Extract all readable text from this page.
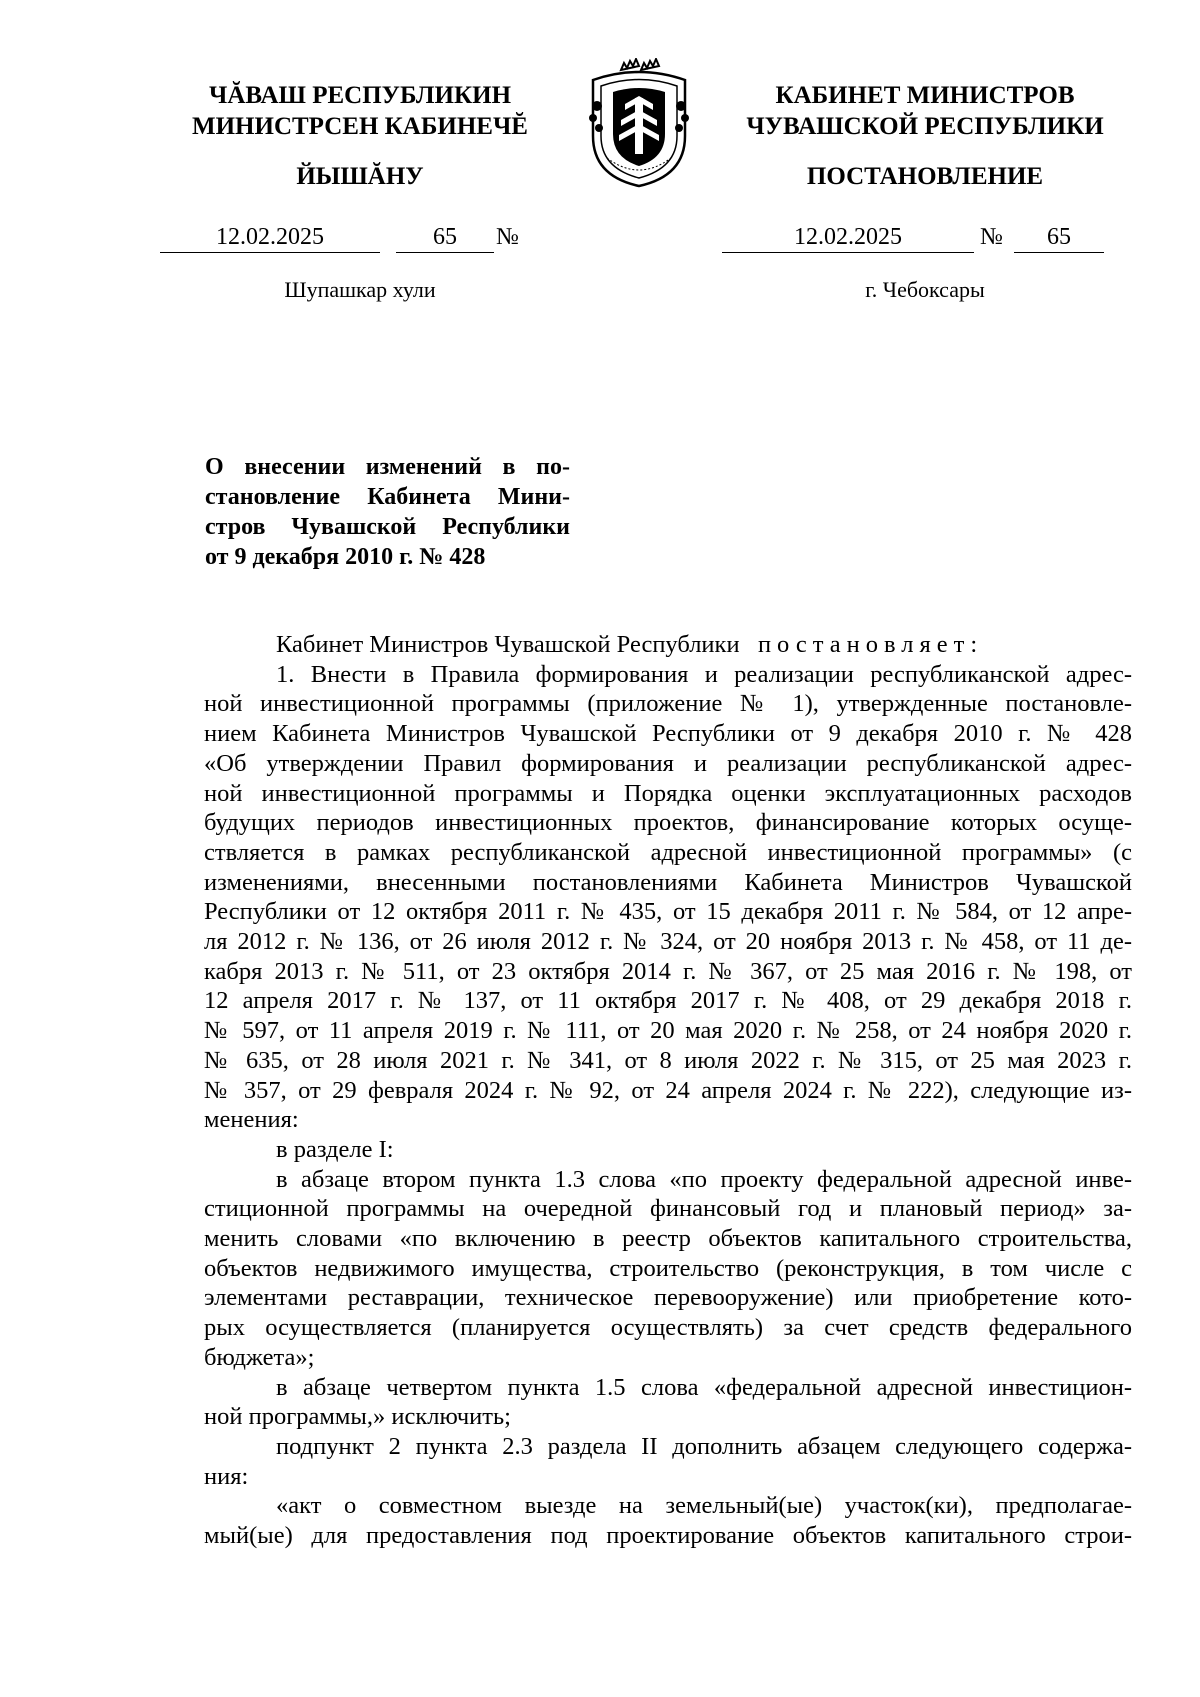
ЧĂВАШ РЕСПУБЛИКИН
МИНИСТРСЕН КАБИНЕЧĔ
ЙЫШĂНУ
КАБИНЕТ МИНИСТРОВ
ЧУВАШСКОЙ РЕСПУБЛИКИ
ПОСТАНОВЛЕНИЕ
12.02.2025	65	№	12.02.2025	№	65
Шупашкар хули	г. Чебоксары
О внесении изменений в по-
становление Кабинета Мини-
стров Чувашской Республики
от 9 декабря 2010 г. № 428
Кабинет Министров Чувашской Республики постановляет:
1. Внести в Правила формирования и реализации республиканской адрес-
ной инвестиционной программы (приложение № 1), утвержденные постановле-
нием Кабинета Министров Чувашской Республики от 9 декабря 2010 г. № 428
«Об утверждении Правил формирования и реализации республиканской адрес-
ной инвестиционной программы и Порядка оценки эксплуатационных расходов
будущих периодов инвестиционных проектов, финансирование которых осуще-
ствляется в рамках республиканской адресной инвестиционной программы» (с
изменениями, внесенными постановлениями Кабинета Министров Чувашской
Республики от 12 октября 2011 г. № 435, от 15 декабря 2011 г. № 584, от 12 апре-
ля 2012 г. № 136, от 26 июля 2012 г. № 324, от 20 ноября 2013 г. № 458, от 11 де-
кабря 2013 г. № 511, от 23 октября 2014 г. № 367, от 25 мая 2016 г. № 198, от
12 апреля 2017 г. № 137, от 11 октября 2017 г. № 408, от 29 декабря 2018 г.
№ 597, от 11 апреля 2019 г. № 111, от 20 мая 2020 г. № 258, от 24 ноября 2020 г.
№ 635, от 28 июля 2021 г. № 341, от 8 июля 2022 г. № 315, от 25 мая 2023 г.
№ 357, от 29 февраля 2024 г. № 92, от 24 апреля 2024 г. № 222), следующие из-
менения:
в разделе I:
в абзаце втором пункта 1.3 слова «по проекту федеральной адресной инве-
стиционной программы на очередной финансовый год и плановый период» за-
менить словами «по включению в реестр объектов капитального строительства,
объектов недвижимого имущества, строительство (реконструкция, в том числе с
элементами реставрации, техническое перевооружение) или приобретение кото-
рых осуществляется (планируется осуществлять) за счет средств федерального
бюджета»;
в абзаце четвертом пункта 1.5 слова «федеральной адресной инвестицион-
ной программы,» исключить;
подпункт 2 пункта 2.3 раздела II дополнить абзацем следующего содержа-
ния:
«акт о совместном выезде на земельный(ые) участок(ки), предполагае-
мый(ые) для предоставления под проектирование объектов капитального строи-
